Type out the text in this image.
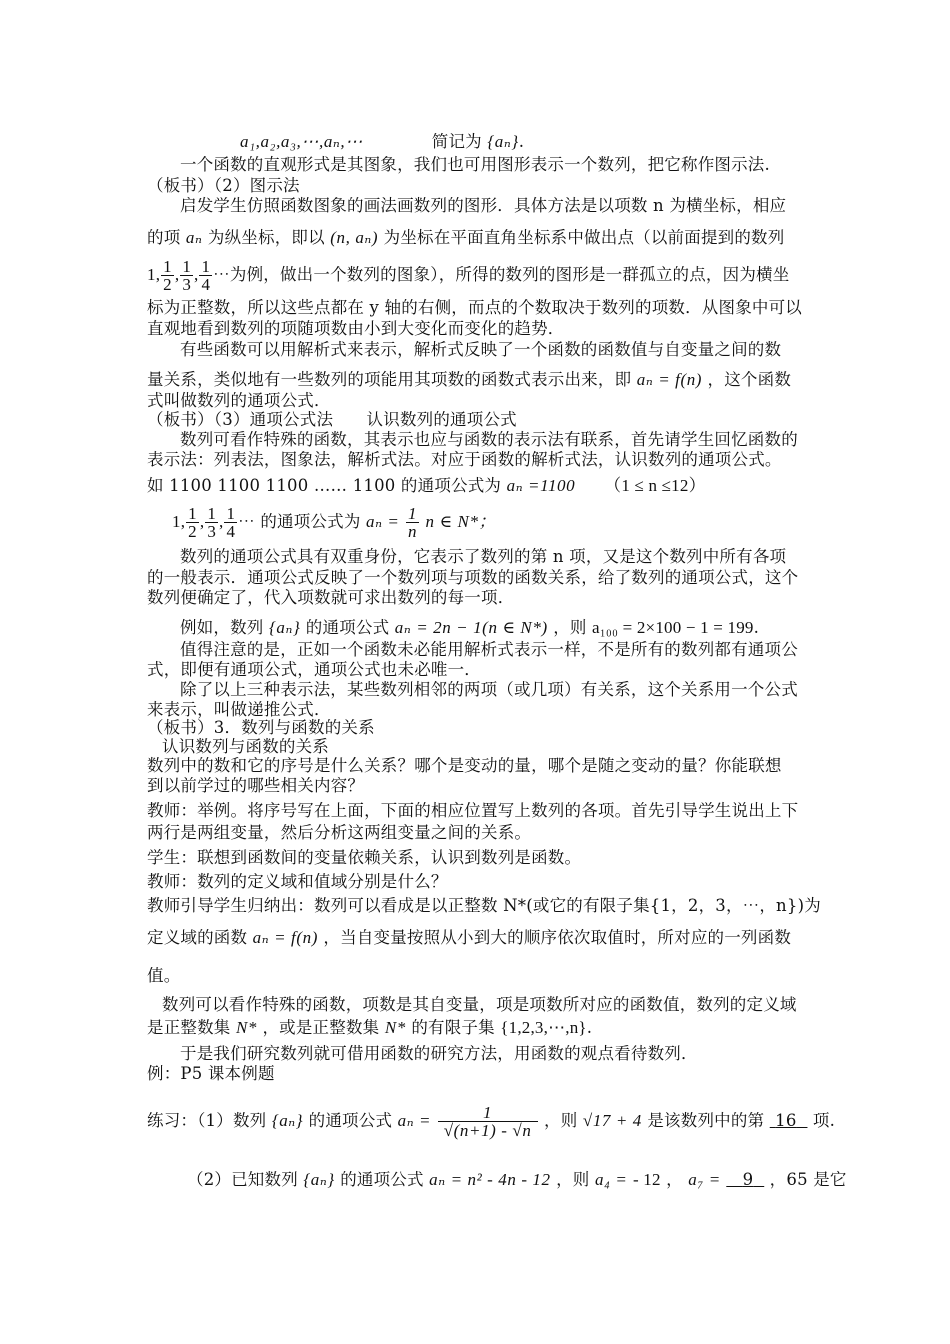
a₁,a₂,a₃,⋯,aₙ,⋯	简记为 {aₙ}.
一个函数的直观形式是其图象，我们也可用图形表示一个数列，把它称作图示法.
（板书）（2）图示法
启发学生仿照函数图象的画法画数列的图形．具体方法是以项数 n 为横坐标，相应
的项 aₙ 为纵坐标，即以 (n, aₙ) 为坐标在平面直角坐标系中做出点（以前面提到的数列
1, $\frac{1}{2}$ , $\frac{1}{3}$ , $\frac{1}{4}$ ⋯为例，做出一个数列的图象），所得的数列的图形是一群孤立的点，因为横坐
标为正整数，所以这些点都在 y 轴的右侧，而点的个数取决于数列的项数．从图象中可以
直观地看到数列的项随项数由小到大变化而变化的趋势．
有些函数可以用解析式来表示，解析式反映了一个函数的函数值与自变量之间的数
量关系，类似地有一些数列的项能用其项数的函数式表示出来，即 aₙ = f(n) ，这个函数
式叫做数列的通项公式．
（板书）（3）通项公式法　　认识数列的通项公式
数列可看作特殊的函数，其表示也应与函数的表示法有联系，首先请学生回忆函数的
表示法：列表法，图象法，解析式法。对应于函数的解析式法，认识数列的通项公式。
如 1100 1100 1100 …… 1100 的通项公式为 aₙ =1100 （1 ≤ n ≤12）
1, $\frac{1}{2}$ , $\frac{1}{3}$ , $\frac{1}{4}$ ⋯ 的通项公式为 $a_n = \frac{1}{n}$ n ∈ N*；
数列的通项公式具有双重身份，它表示了数列的第 n 项，又是这个数列中所有各项
的一般表示．通项公式反映了一个数列项与项数的函数关系，给了数列的通项公式，这个
数列便确定了，代入项数就可求出数列的每一项．
例如，数列 {aₙ} 的通项公式 aₙ = 2n − 1(n ∈ N*) ，则 a₁₀₀ = 2×100 − 1 = 199.
值得注意的是，正如一个函数未必能用解析式表示一样，不是所有的数列都有通项公
式，即便有通项公式，通项公式也未必唯一．
除了以上三种表示法，某些数列相邻的两项（或几项）有关系，这个关系用一个公式
来表示，叫做递推公式．
（板书）3．数列与函数的关系
认识数列与函数的关系
数列中的数和它的序号是什么关系？哪个是变动的量，哪个是随之变动的量？你能联想
到以前学过的哪些相关内容？
教师：举例。将序号写在上面，下面的相应位置写上数列的各项。首先引导学生说出上下
两行是两组变量，然后分析这两组变量之间的关系。
学生：联想到函数间的变量依赖关系，认识到数列是函数。
教师：数列的定义域和值域分别是什么？
教师引导学生归纳出：数列可以看成是以正整数 N*(或它的有限子集{1，2，3，⋯，n})为
定义域的函数 aₙ = f(n) ，当自变量按照从小到大的顺序依次取值时，所对应的一列函数
值。
数列可以看作特殊的函数，项数是其自变量，项是项数所对应的函数值，数列的定义域
是正整数集 N* ，或是正整数集 N* 的有限子集 {1,2,3,⋯,n}.
于是我们研究数列就可借用函数的研究方法，用函数的观点看待数列．
例：P5 课本例题
练习：（1）数列 {aₙ} 的通项公式 $a_n = \frac{1}{√(n+1) - √n}$ ，则 √17 + 4 是该数列中的第 16 项.
（2）已知数列 {aₙ} 的通项公式 aₙ = n² - 4n - 12 ，则 a₄ = - 12 ， a₇ = 9 ，65 是它
